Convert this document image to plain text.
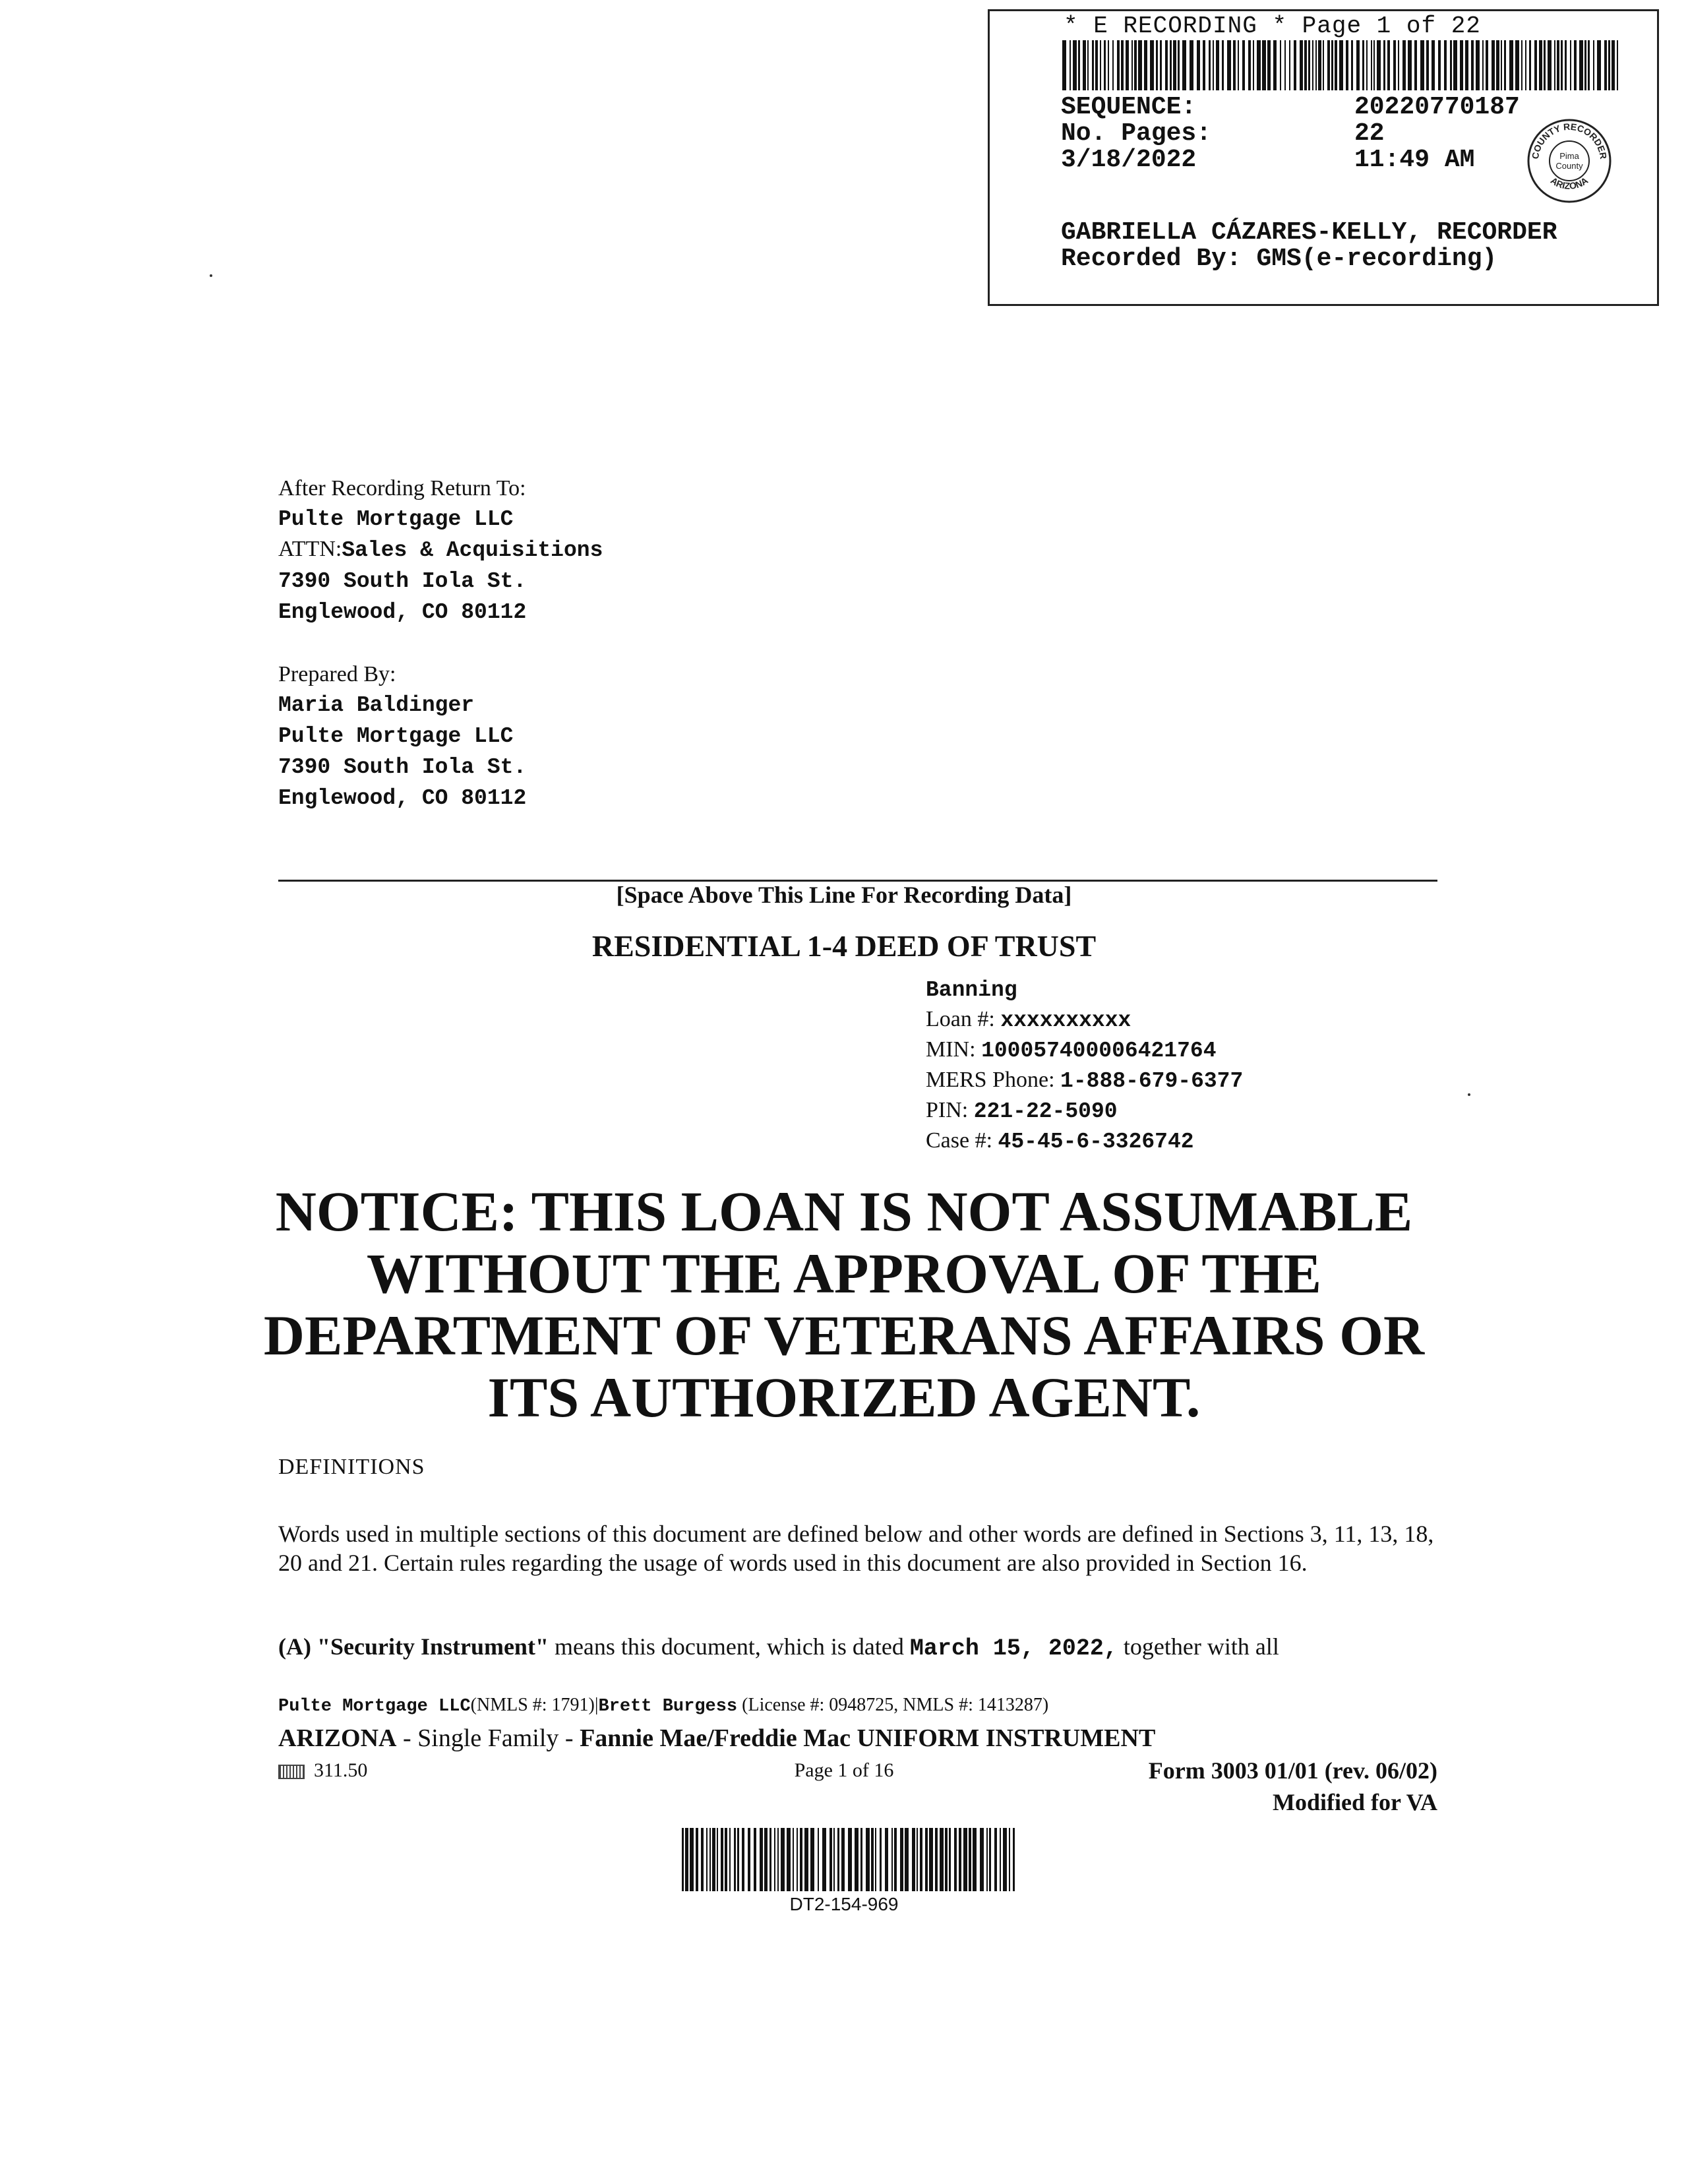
* E RECORDING * Page 1 of 22
SEQUENCE:	20220770187
No. Pages:	22
3/18/2022	11:49 AM	COUNTY RECORDER
ARIZONA
Pima
County
GABRIELLA CÁZARES-KELLY, RECORDER
Recorded By: GMS(e-recording)
After Recording Return To:
Pulte Mortgage LLC
ATTN:Sales & Acquisitions
7390 South Iola St.
Englewood, CO 80112
Prepared By:
Maria Baldinger
Pulte Mortgage LLC
7390 South Iola St.
Englewood, CO 80112
[Space Above This Line For Recording Data]
RESIDENTIAL 1-4 DEED OF TRUST
Banning
Loan #: xxxxxxxxxx
MIN: 100057400006421764
MERS Phone: 1-888-679-6377
PIN: 221-22-5090
Case #: 45-45-6-3326742
NOTICE: THIS LOAN IS NOT ASSUMABLE
WITHOUT THE APPROVAL OF THE
DEPARTMENT OF VETERANS AFFAIRS OR
ITS AUTHORIZED AGENT.
DEFINITIONS
Words used in multiple sections of this document are defined below and other words are defined in Sections 3, 11, 13, 18, 20 and 21. Certain rules regarding the usage of words used in this document are also provided in Section 16.
(A) "Security Instrument" means this document, which is dated March 15, 2022, together with all
Pulte Mortgage LLC(NMLS #: 1791)|Brett Burgess (License #: 0948725, NMLS #: 1413287)
ARIZONA - Single Family - Fannie Mae/Freddie Mac UNIFORM INSTRUMENT
311.50	Page 1 of 16	Form 3003 01/01 (rev. 06/02)
Modified for VA
DT2-154-969
